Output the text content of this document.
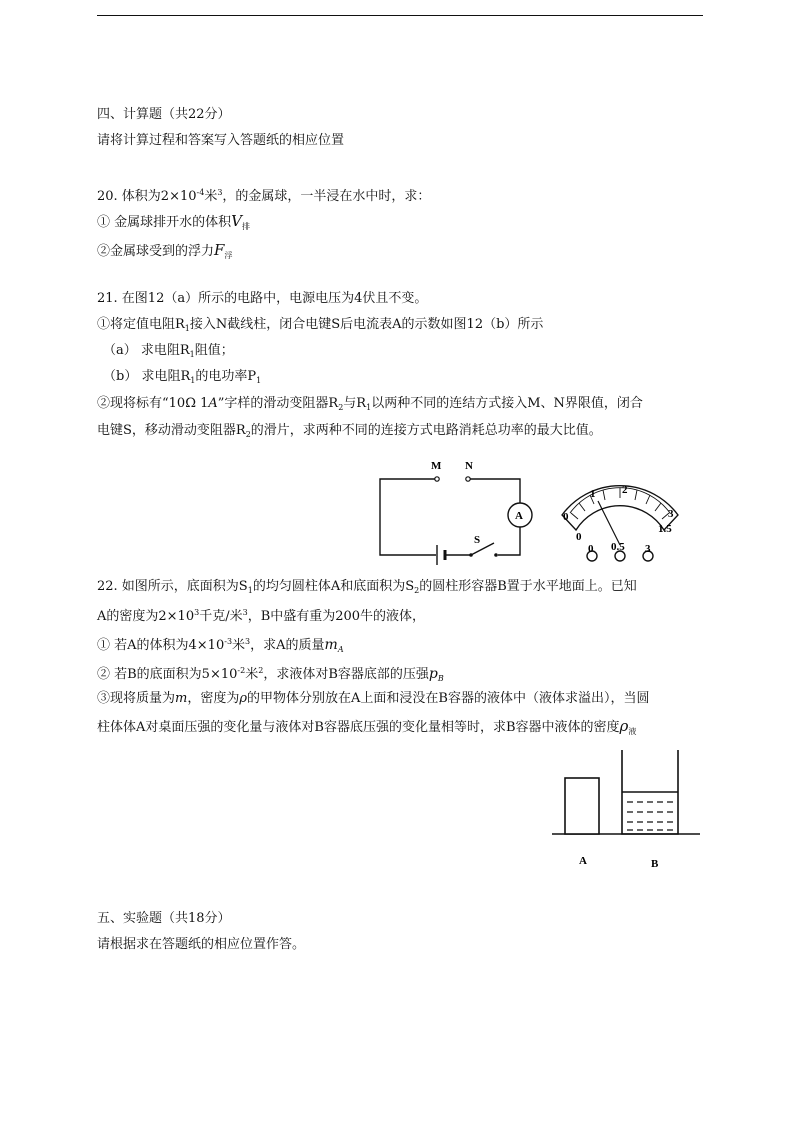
四、计算题（共22分）
请将计算过程和答案写入答题纸的相应位置
20. 体积为$2\times 10^{-4}$米$^3$，的金属球，一半浸在水中时，求：
① 金属球排开水的体积$V_排$
②金属球受到的浮力$F_浮$
21. 在图12（a）所示的电路中，电源电压为4伏且不变。
①将定值电阻$R_1$接入N截线柱，闭合电键S后电流表A的示数如图12（b）所示
（a） 求电阻$R_1$阻值；
（b） 求电阻$R_1$的电功率$P_1$
②现将标有“10Ω 1A”字样的滑动变阻器$R_2$与$R_1$以两种不同的连结方式接入M、N界限值，闭合
电键S，移动滑动变阻器$R_2$的滑片，求两种不同的连接方式电路消耗总功率的最大比值。
M N
S
A	0
1 2
3
0
1.5
0 0.5 3
22. 如图所示，底面积为$S_1$的均匀圆柱体A和底面积为$S_2$的圆柱形容器B置于水平地面上。已知
A的密度为$2\times 10^3$千克/米$^3$，B中盛有重为200牛的液体，
① 若A的体积为$4\times 10^{-3}$米$^3$，求A的质量$m_A$
② 若B的底面积为$5\times 10^{-2}$米$^2$，求液体对B容器底部的压强$p_B$
③现将质量为m，密度为ρ的甲物体分别放在A上面和浸没在B容器的液体中（液体求溢出），当圆
柱体体A对桌面压强的变化量与液体对B容器底压强的变化量相等时，求B容器中液体的密度$\rho_液$
A	B
五、实验题（共18分）
请根据求在答题纸的相应位置作答。
